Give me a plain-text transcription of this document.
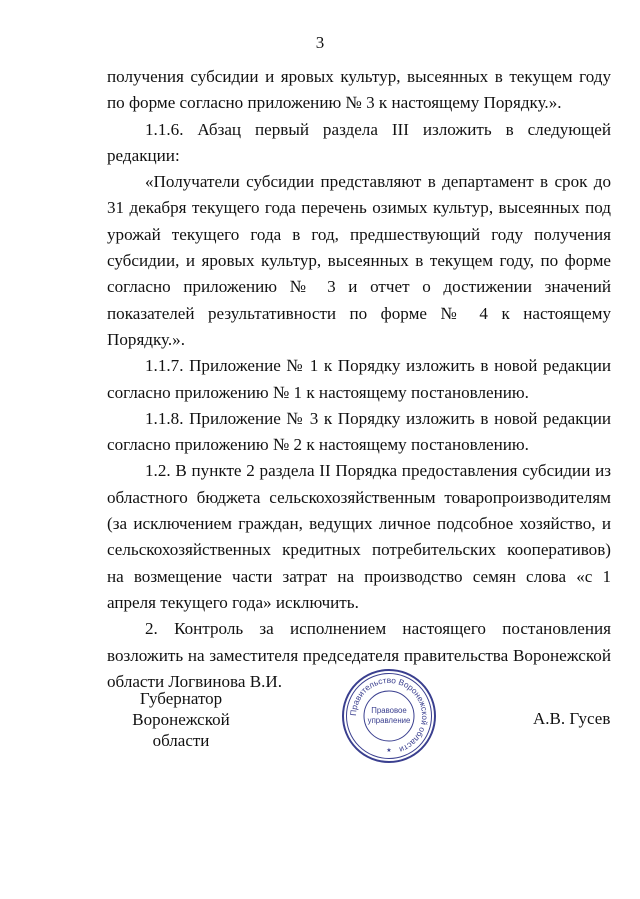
3

получения субсидии и яровых культур, высеянных в текущем году по форме согласно приложению № 3 к настоящему Порядку.».

1.1.6. Абзац первый раздела III изложить в следующей редакции:

«Получатели субсидии представляют в департамент в срок до 31 декабря текущего года перечень озимых культур, высеянных под урожай текущего года в год, предшествующий году получения субсидии, и яровых культур, высеянных в текущем году, по форме согласно приложению № 3 и отчет о достижении значений показателей результативности по форме № 4 к настоящему Порядку.».

1.1.7. Приложение № 1 к Порядку изложить в новой редакции согласно приложению № 1 к настоящему постановлению.

1.1.8. Приложение № 3 к Порядку изложить в новой редакции согласно приложению № 2 к настоящему постановлению.

1.2. В пункте 2 раздела II Порядка предоставления субсидии из областного бюджета сельскохозяйственным товаропроизводителям (за исключением граждан, ведущих личное подсобное хозяйство, и сельскохозяйственных кредитных потребительских кооперативов) на возмещение части затрат на производство семян слова «с 1 апреля текущего года» исключить.

2. Контроль за исполнением настоящего постановления возложить на заместителя председателя правительства Воронежской области Логвинова В.И.

Губернатор
Воронежской области
Правительство Воронежской области
Правовое
управление
★
А.В. Гусев
